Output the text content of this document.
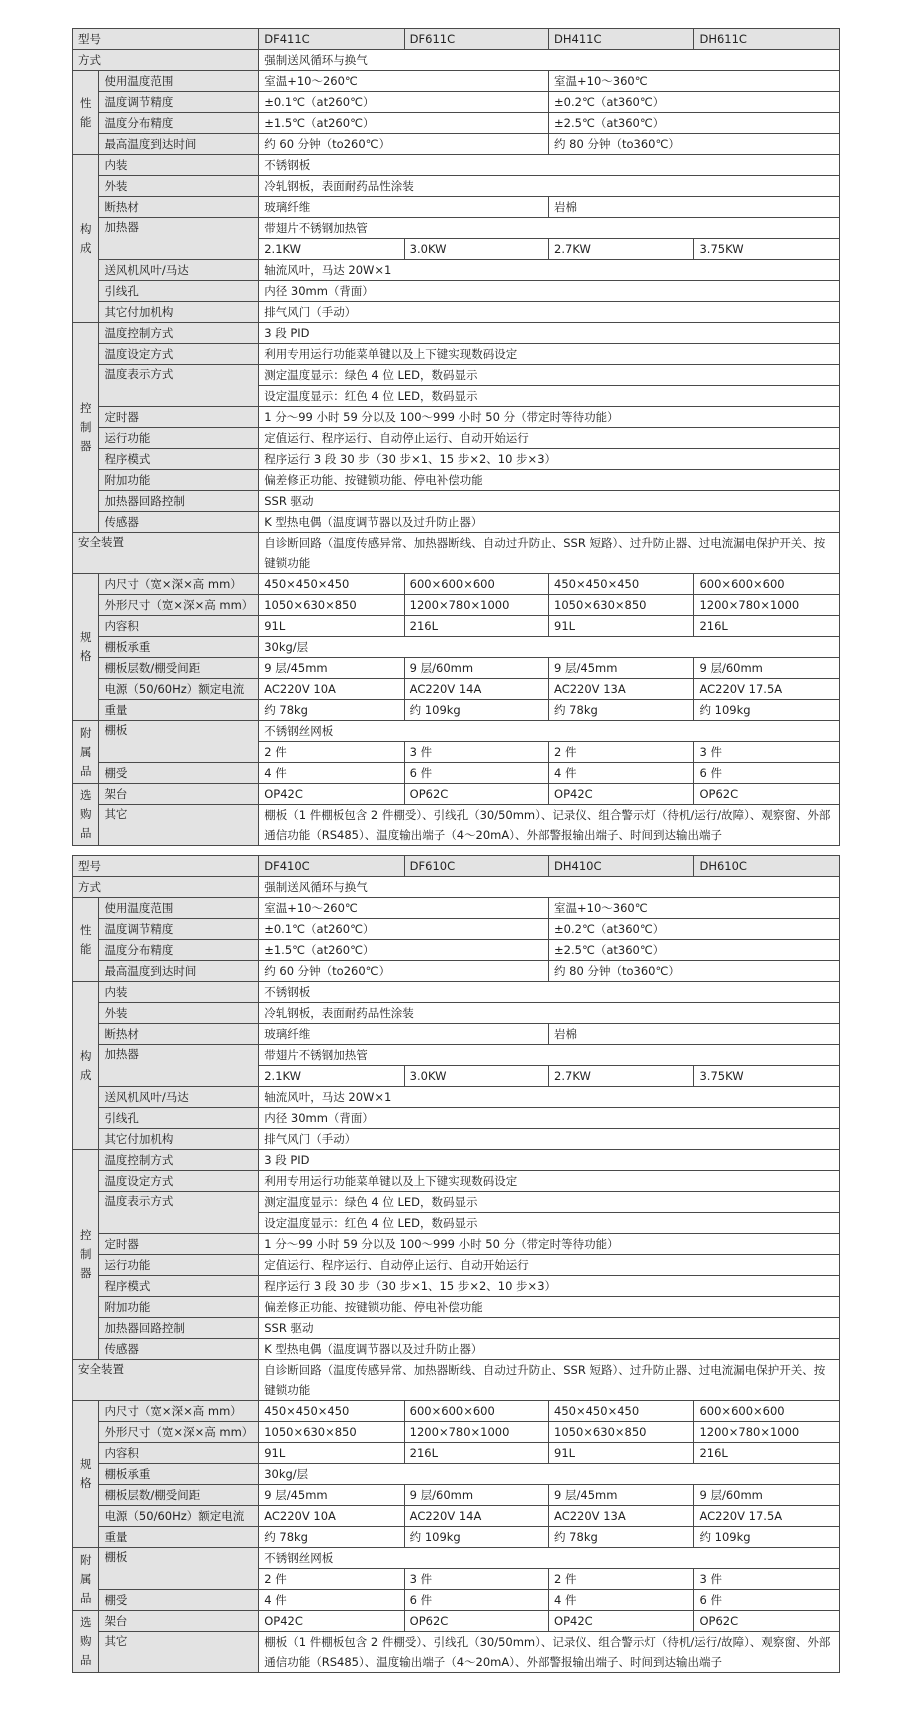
型号		DF411C	DF611C	DH411C	DH611C
方式		强制送风循环与换气			
性能	使用温度范围	室温+10～260℃		室温+10～360℃	
	温度调节精度	±0.1℃（at260℃）		±0.2℃（at360℃）	
	温度分布精度	±1.5℃（at260℃）		±2.5℃（at360℃）	
	最高温度到达时间	约 60 分钟（to260℃）		约 80 分钟（to360℃）	
构成	内装	不锈钢板			
	外装	冷轧钢板，表面耐药品性涂装			
	断热材	玻璃纤维		岩棉	
	加热器	带翅片不锈钢加热管			
		2.1KW	3.0KW	2.7KW	3.75KW
	送风机风叶/马达	轴流风叶，马达 20W×1			
	引线孔	内径 30mm（背面）			
	其它付加机构	排气风门（手动）			
控制器	温度控制方式	3 段 PID			
	温度设定方式	利用专用运行功能菜单键以及上下键实现数码设定			
	温度表示方式	测定温度显示：绿色 4 位 LED，数码显示			
		设定温度显示：红色 4 位 LED，数码显示			
	定时器	1 分～99 小时 59 分以及 100～999 小时 50 分（带定时等待功能）			
	运行功能	定值运行、程序运行、自动停止运行、自动开始运行			
	程序模式	程序运行 3 段 30 步（30 步×1、15 步×2、10 步×3）			
	附加功能	偏差修正功能、按键锁功能、停电补偿功能			
	加热器回路控制	SSR 驱动			
	传感器	K 型热电偶（温度调节器以及过升防止器）			
安全装置		自诊断回路（温度传感异常、加热器断线、自动过升防止、SSR 短路）、过升防止器、过电流漏电保护开关、按键锁功能			
规格	内尺寸（宽×深×高 mm）	450×450×450	600×600×600	450×450×450	600×600×600
	外形尺寸（宽×深×高 mm）	1050×630×850	1200×780×1000	1050×630×850	1200×780×1000
	内容积	91L	216L	91L	216L
	棚板承重	30kg/层			
	棚板层数/棚受间距	9 层/45mm	9 层/60mm	9 层/45mm	9 层/60mm
	电源（50/60Hz）额定电流	AC220V 10A	AC220V 14A	AC220V 13A	AC220V 17.5A
	重量	约 78kg	约 109kg	约 78kg	约 109kg
附属品	棚板	不锈钢丝网板			
		2 件	3 件	2 件	3 件
	棚受	4 件	6 件	4 件	6 件
选购品	架台	OP42C	OP62C	OP42C	OP62C
	其它	棚板（1 件棚板包含 2 件棚受）、引线孔（30/50mm）、记录仪、组合警示灯（待机/运行/故障）、观察窗、外部通信功能（RS485）、温度输出端子（4～20mA）、外部警报输出端子、时间到达输出端子			
型号		DF410C	DF610C	DH410C	DH610C
方式		强制送风循环与换气			
性能	使用温度范围	室温+10～260℃		室温+10～360℃	
	温度调节精度	±0.1℃（at260℃）		±0.2℃（at360℃）	
	温度分布精度	±1.5℃（at260℃）		±2.5℃（at360℃）	
	最高温度到达时间	约 60 分钟（to260℃）		约 80 分钟（to360℃）	
构成	内装	不锈钢板			
	外装	冷轧钢板，表面耐药品性涂装			
	断热材	玻璃纤维		岩棉	
	加热器	带翅片不锈钢加热管			
		2.1KW	3.0KW	2.7KW	3.75KW
	送风机风叶/马达	轴流风叶，马达 20W×1			
	引线孔	内径 30mm（背面）			
	其它付加机构	排气风门（手动）			
控制器	温度控制方式	3 段 PID			
	温度设定方式	利用专用运行功能菜单键以及上下键实现数码设定			
	温度表示方式	测定温度显示：绿色 4 位 LED，数码显示			
		设定温度显示：红色 4 位 LED，数码显示			
	定时器	1 分～99 小时 59 分以及 100～999 小时 50 分（带定时等待功能）			
	运行功能	定值运行、程序运行、自动停止运行、自动开始运行			
	程序模式	程序运行 3 段 30 步（30 步×1、15 步×2、10 步×3）			
	附加功能	偏差修正功能、按键锁功能、停电补偿功能			
	加热器回路控制	SSR 驱动			
	传感器	K 型热电偶（温度调节器以及过升防止器）			
安全装置		自诊断回路（温度传感异常、加热器断线、自动过升防止、SSR 短路）、过升防止器、过电流漏电保护开关、按键锁功能			
规格	内尺寸（宽×深×高 mm）	450×450×450	600×600×600	450×450×450	600×600×600
	外形尺寸（宽×深×高 mm）	1050×630×850	1200×780×1000	1050×630×850	1200×780×1000
	内容积	91L	216L	91L	216L
	棚板承重	30kg/层			
	棚板层数/棚受间距	9 层/45mm	9 层/60mm	9 层/45mm	9 层/60mm
	电源（50/60Hz）额定电流	AC220V 10A	AC220V 14A	AC220V 13A	AC220V 17.5A
	重量	约 78kg	约 109kg	约 78kg	约 109kg
附属品	棚板	不锈钢丝网板			
		2 件	3 件	2 件	3 件
	棚受	4 件	6 件	4 件	6 件
选购品	架台	OP42C	OP62C	OP42C	OP62C
	其它	棚板（1 件棚板包含 2 件棚受）、引线孔（30/50mm）、记录仪、组合警示灯（待机/运行/故障）、观察窗、外部通信功能（RS485）、温度输出端子（4～20mA）、外部警报输出端子、时间到达输出端子			
